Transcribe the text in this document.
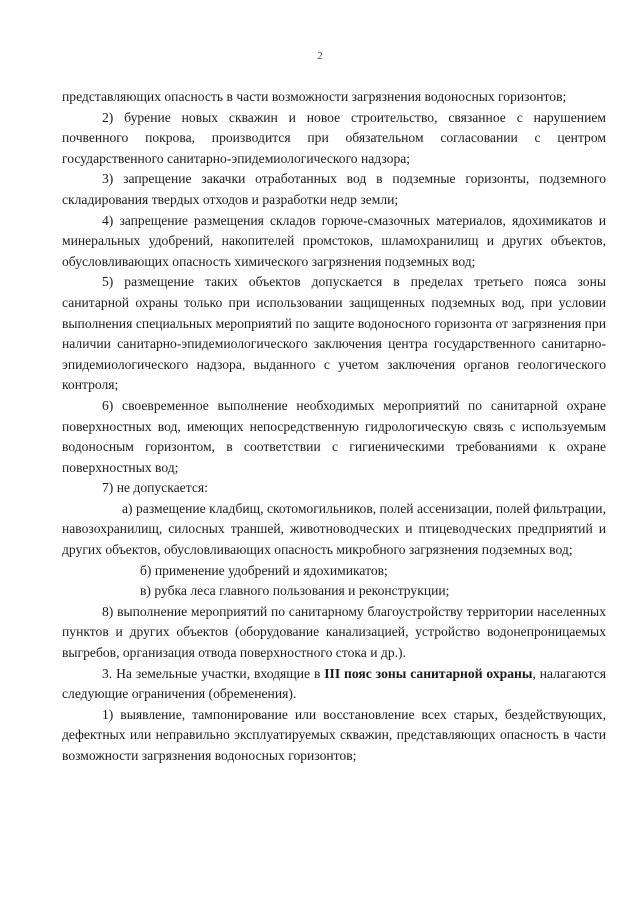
2

представляющих опасность в части возможности загрязнения водоносных горизонтов;

2) бурение новых скважин и новое строительство, связанное с нарушением почвенного покрова, производится при обязательном согласовании с центром государственного санитарно-эпидемиологического надзора;

3) запрещение закачки отработанных вод в подземные горизонты, подземного складирования твердых отходов и разработки недр земли;

4) запрещение размещения складов горюче-смазочных материалов, ядохимикатов и минеральных удобрений, накопителей промстоков, шламохранилищ и других объектов, обусловливающих опасность химического загрязнения подземных вод;

5) размещение таких объектов допускается в пределах третьего пояса зоны санитарной охраны только при использовании защищенных подземных вод, при условии выполнения специальных мероприятий по защите водоносного горизонта от загрязнения при наличии санитарно-эпидемиологического заключения центра государственного санитарно-эпидемиологического надзора, выданного с учетом заключения органов геологического контроля;

6) своевременное выполнение необходимых мероприятий по санитарной охране поверхностных вод, имеющих непосредственную гидрологическую связь с используемым водоносным горизонтом, в соответствии с гигиеническими требованиями к охране поверхностных вод;

7) не допускается:

а) размещение кладбищ, скотомогильников, полей ассенизации, полей фильтрации, навозохранилищ, силосных траншей, животноводческих и птицеводческих предприятий и других объектов, обусловливающих опасность микробного загрязнения подземных вод;

б) применение удобрений и ядохимикатов;

в) рубка леса главного пользования и реконструкции;

8) выполнение мероприятий по санитарному благоустройству территории населенных пунктов и других объектов (оборудование канализацией, устройство водонепроницаемых выгребов, организация отвода поверхностного стока и др.).

3. На земельные участки, входящие в III пояс зоны санитарной охраны, налагаются следующие ограничения (обременения).

1) выявление, тампонирование или восстановление всех старых, бездействующих, дефектных или неправильно эксплуатируемых скважин, представляющих опасность в части возможности загрязнения водоносных горизонтов;
